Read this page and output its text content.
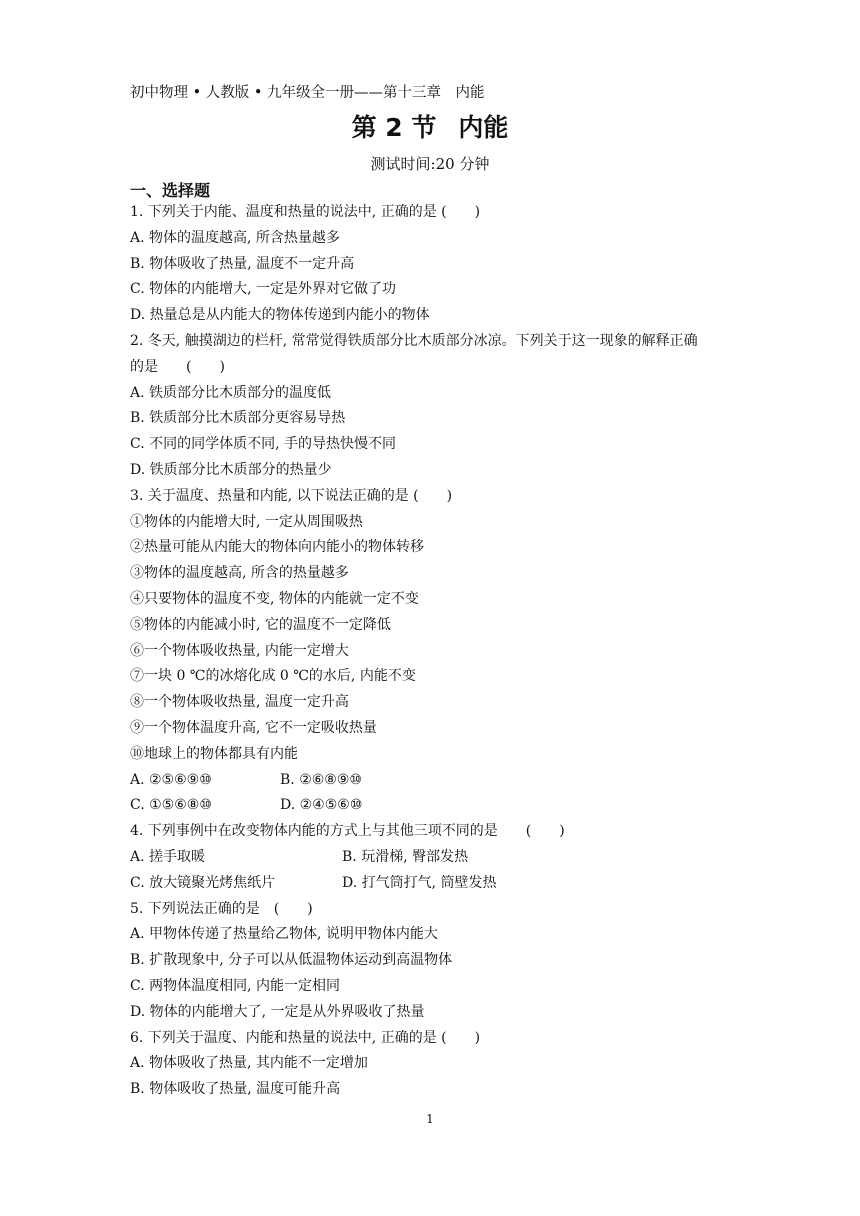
初中物理 • 人教版 • 九年级全一册——第十三章　内能
第 2 节 内能
测试时间:20 分钟
一、选择题
1. 下列关于内能、温度和热量的说法中, 正确的是 (　　)
A. 物体的温度越高, 所含热量越多
B. 物体吸收了热量, 温度不一定升高
C. 物体的内能增大, 一定是外界对它做了功
D. 热量总是从内能大的物体传递到内能小的物体
2. 冬天, 触摸湖边的栏杆, 常常觉得铁质部分比木质部分冰凉。下列关于这一现象的解释正确
的是　　(　　)
A. 铁质部分比木质部分的温度低
B. 铁质部分比木质部分更容易导热
C. 不同的同学体质不同, 手的导热快慢不同
D. 铁质部分比木质部分的热量少
3. 关于温度、热量和内能, 以下说法正确的是 (　　)
①物体的内能增大时, 一定从周围吸热
②热量可能从内能大的物体向内能小的物体转移
③物体的温度越高, 所含的热量越多
④只要物体的温度不变, 物体的内能就一定不变
⑤物体的内能减小时, 它的温度不一定降低
⑥一个物体吸收热量, 内能一定增大
⑦一块 0 ℃的冰熔化成 0 ℃的水后, 内能不变
⑧一个物体吸收热量, 温度一定升高
⑨一个物体温度升高, 它不一定吸收热量
⑩地球上的物体都具有内能
A. ②⑤⑥⑨⑩	B. ②⑥⑧⑨⑩
C. ①⑤⑥⑧⑩	D. ②④⑤⑥⑩
4. 下列事例中在改变物体内能的方式上与其他三项不同的是　　(　　)
A. 搓手取暖	B. 玩滑梯, 臀部发热
C. 放大镜聚光烤焦纸片	D. 打气筒打气, 筒壁发热
5. 下列说法正确的是　(　　)
A. 甲物体传递了热量给乙物体, 说明甲物体内能大
B. 扩散现象中, 分子可以从低温物体运动到高温物体
C. 两物体温度相同, 内能一定相同
D. 物体的内能增大了, 一定是从外界吸收了热量
6. 下列关于温度、内能和热量的说法中, 正确的是 (　　)
A. 物体吸收了热量, 其内能不一定增加
B. 物体吸收了热量, 温度可能升高
1
